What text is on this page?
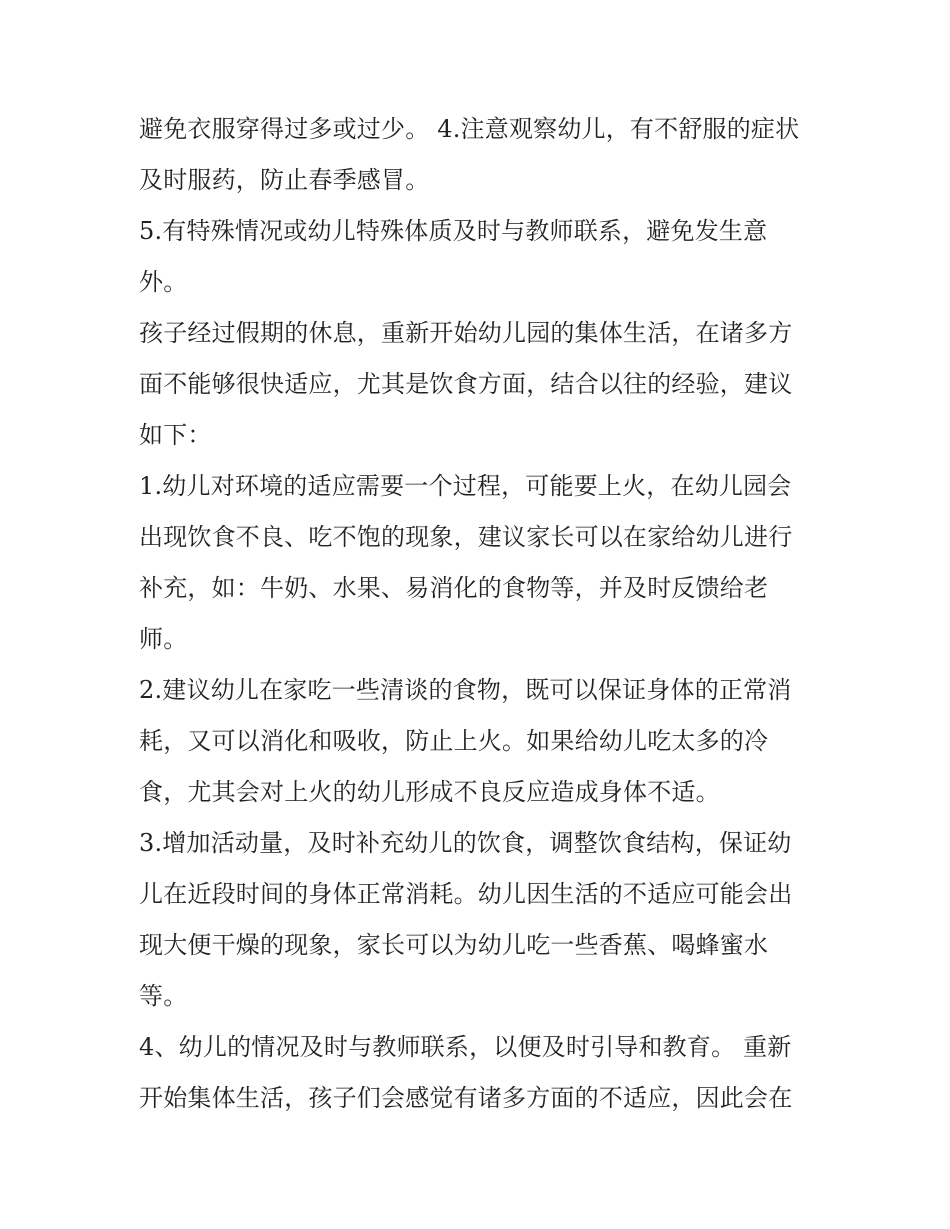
避免衣服穿得过多或过少。 4.注意观察幼儿，有不舒服的症状
及时服药，防止春季感冒。
5.有特殊情况或幼儿特殊体质及时与教师联系，避免发生意
外。
孩子经过假期的休息，重新开始幼儿园的集体生活，在诸多方
面不能够很快适应，尤其是饮食方面，结合以往的经验，建议
如下：
1.幼儿对环境的适应需要一个过程，可能要上火，在幼儿园会
出现饮食不良、吃不饱的现象，建议家长可以在家给幼儿进行
补充，如：牛奶、水果、易消化的食物等，并及时反馈给老
师。
2.建议幼儿在家吃一些清谈的食物，既可以保证身体的正常消
耗，又可以消化和吸收，防止上火。如果给幼儿吃太多的冷
食，尤其会对上火的幼儿形成不良反应造成身体不适。
3.增加活动量，及时补充幼儿的饮食，调整饮食结构，保证幼
儿在近段时间的身体正常消耗。幼儿因生活的不适应可能会出
现大便干燥的现象，家长可以为幼儿吃一些香蕉、喝蜂蜜水
等。
4、幼儿的情况及时与教师联系，以便及时引导和教育。 重新
开始集体生活，孩子们会感觉有诸多方面的不适应，因此会在
